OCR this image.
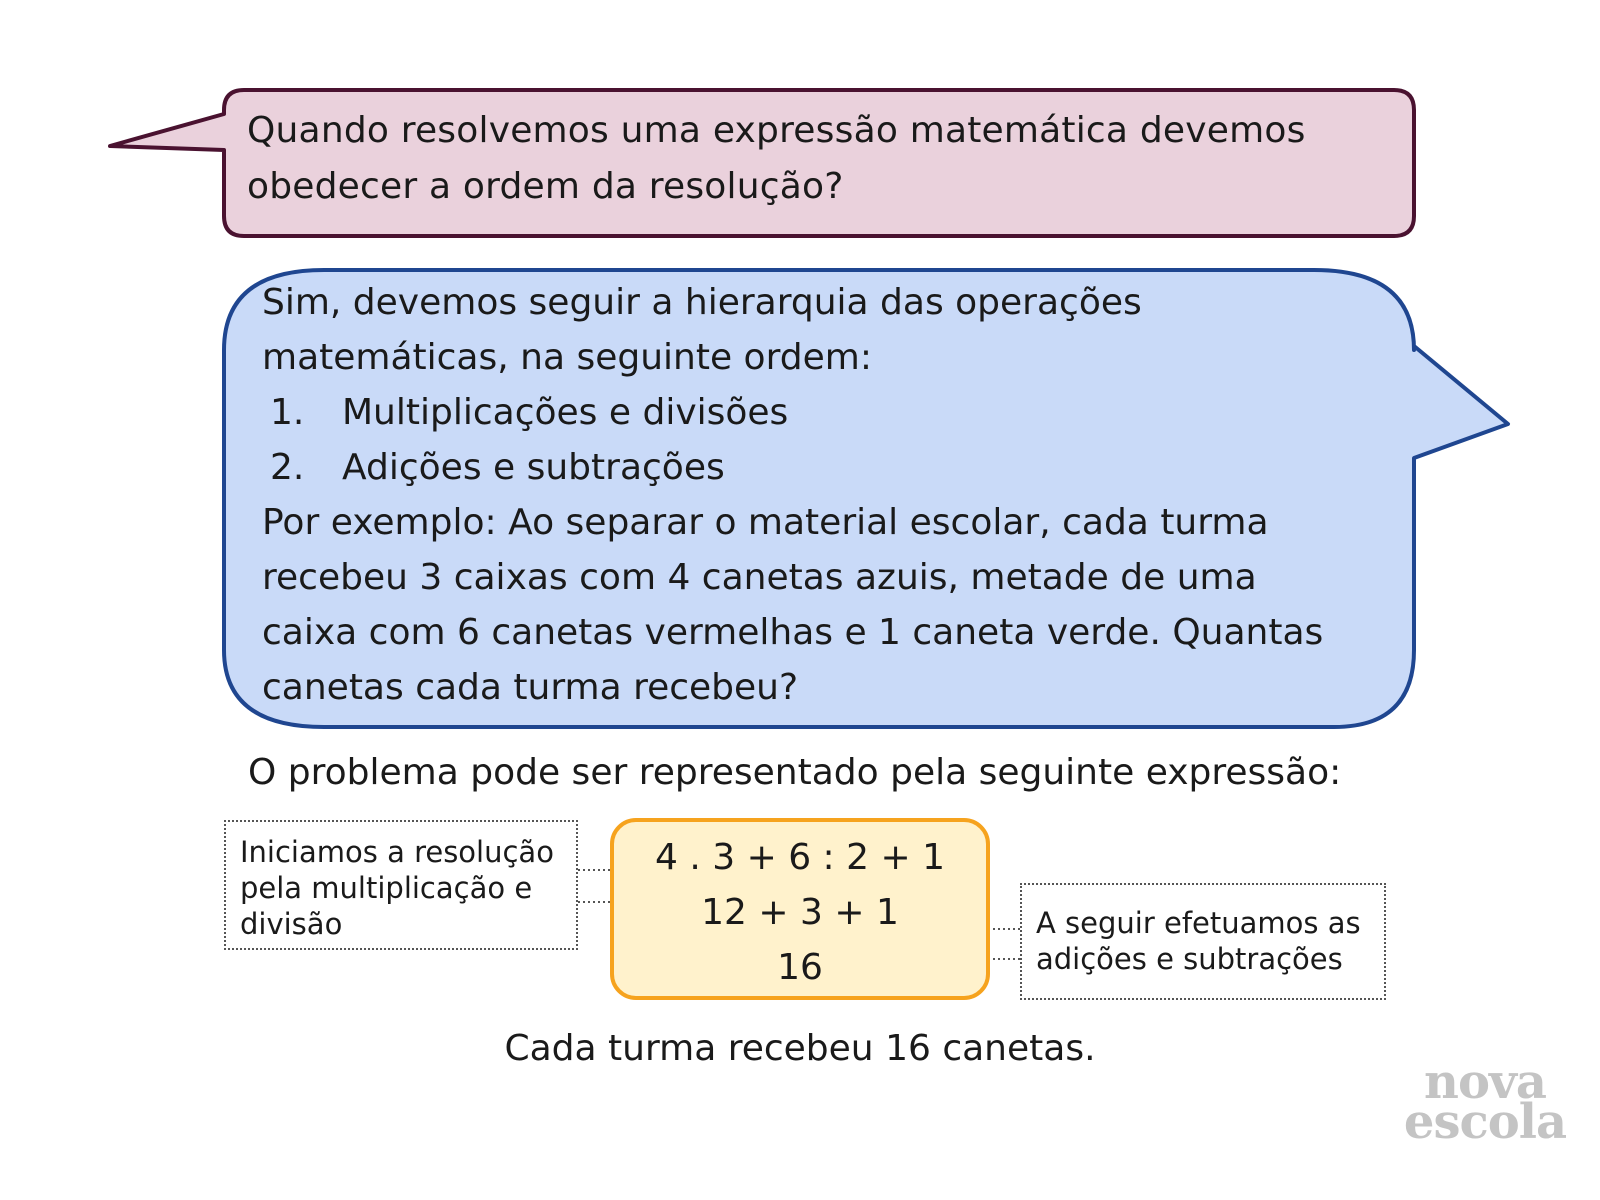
Quando resolvemos uma expressão matemática devemos obedecer a ordem da resolução?

Sim, devemos seguir a hierarquia das operações matemáticas, na seguinte ordem:

1.	Multiplicações e divisões
2.	Adições e subtrações

Por exemplo: Ao separar o material escolar, cada turma recebeu 3 caixas com 4 canetas azuis, metade de uma caixa com 6 canetas vermelhas e 1 caneta verde. Quantas canetas cada turma recebeu?

O problema pode ser representado pela seguinte expressão:
Iniciamos a resolução pela multiplicação e divisão
4 . 3 + 6 : 2 + 1
12 + 3 + 1
16
A seguir efetuamos as adições e subtrações
Cada turma recebeu 16 canetas.
nova
escola
